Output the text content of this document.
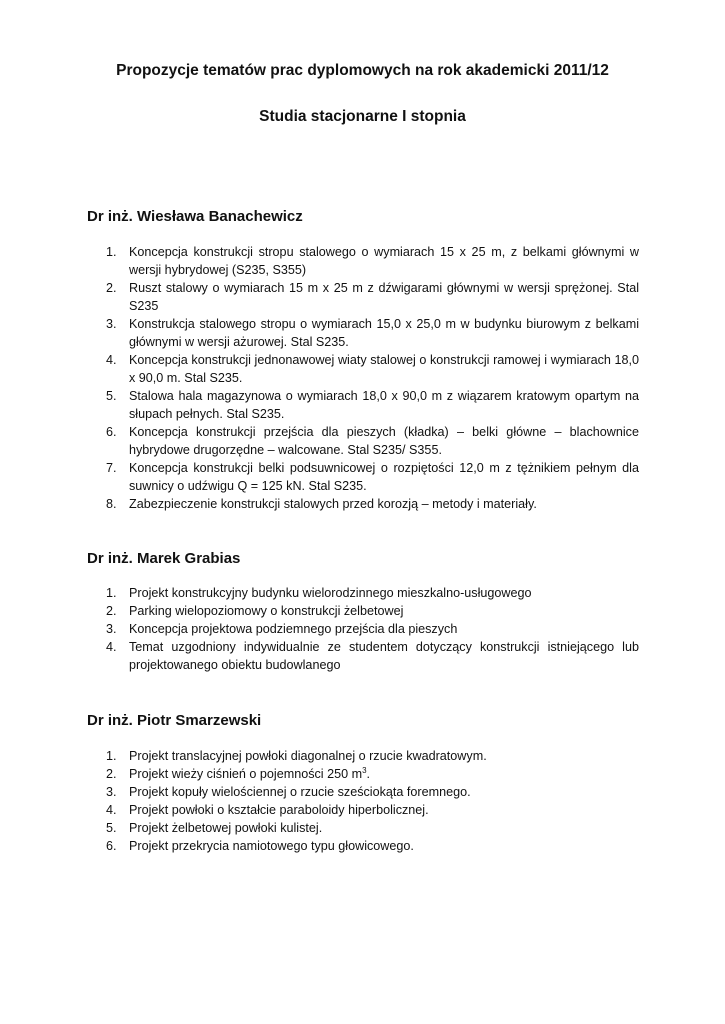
Propozycje tematów prac dyplomowych na rok akademicki 2011/12
Studia stacjonarne I stopnia
Dr inż. Wiesława Banachewicz
1. Koncepcja konstrukcji stropu stalowego o wymiarach 15 x 25 m, z belkami głównymi w wersji hybrydowej (S235, S355)
2. Ruszt stalowy o wymiarach 15 m x 25 m z dźwigarami głównymi w wersji sprężonej. Stal S235
3. Konstrukcja stalowego stropu o wymiarach 15,0 x 25,0 m w budynku biurowym z belkami głównymi w wersji ażurowej. Stal S235.
4. Koncepcja konstrukcji jednonawowej wiaty stalowej o konstrukcji ramowej i wymiarach 18,0 x 90,0 m. Stal S235.
5. Stalowa hala magazynowa o wymiarach 18,0 x 90,0 m z wiązarem kratowym opartym na słupach pełnych. Stal S235.
6. Koncepcja konstrukcji przejścia dla pieszych (kładka) – belki główne – blachownice hybrydowe drugorzędne – walcowane. Stal S235/ S355.
7. Koncepcja konstrukcji belki podsuwnicowej o rozpiętości 12,0 m z tężnikiem pełnym dla suwnicy o udźwigu Q = 125 kN. Stal S235.
8. Zabezpieczenie konstrukcji stalowych przed korozją – metody i materiały.
Dr inż. Marek Grabias
1. Projekt konstrukcyjny budynku wielorodzinnego mieszkalno-usługowego
2. Parking wielopoziomowy o konstrukcji żelbetowej
3. Koncepcja projektowa podziemnego przejścia dla pieszych
4. Temat uzgodniony indywidualnie ze studentem dotyczący konstrukcji istniejącego lub projektowanego obiektu budowlanego
Dr inż. Piotr Smarzewski
1. Projekt translacyjnej powłoki diagonalnej o rzucie kwadratowym.
2. Projekt wieży ciśnień o pojemności 250 $m^3$.
3. Projekt kopuły wielościennej o rzucie sześciokąta foremnego.
4. Projekt powłoki o kształcie paraboloidy hiperbolicznej.
5. Projekt żelbetowej powłoki kulistej.
6. Projekt przekrycia namiotowego typu głowicowego.
